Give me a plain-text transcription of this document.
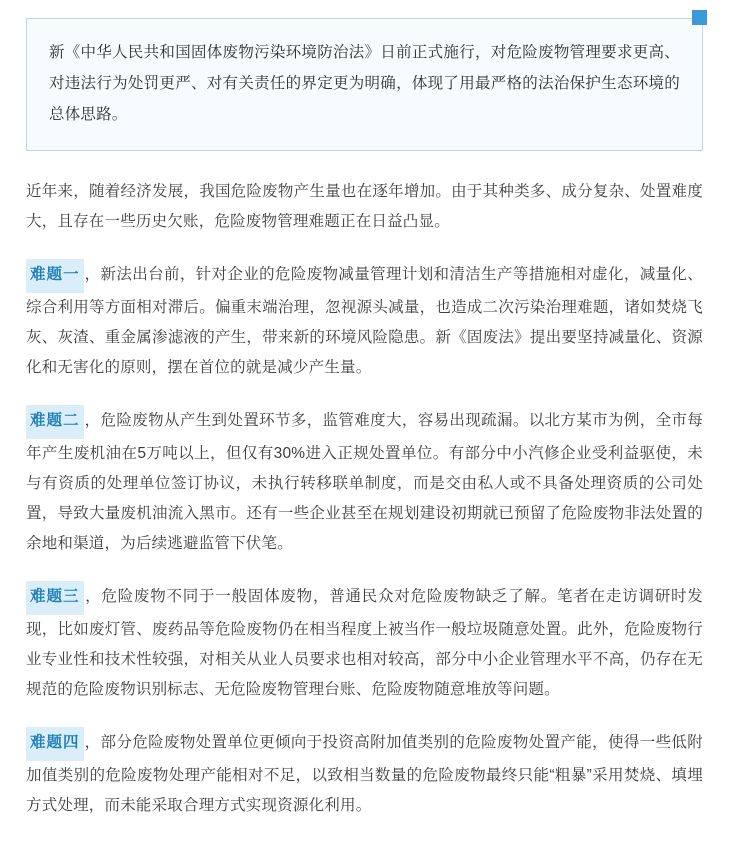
新《中华人民共和国固体废物污染环境防治法》日前正式施行，对危险废物管理要求更高、对违法行为处罚更严、对有关责任的界定更为明确，体现了用最严格的法治保护生态环境的总体思路。

近年来，随着经济发展，我国危险废物产生量也在逐年增加。由于其种类多、成分复杂、处置难度大，且存在一些历史欠账，危险废物管理难题正在日益凸显。

难题一 ，新法出台前，针对企业的危险废物减量管理计划和清洁生产等措施相对虚化，减量化、综合利用等方面相对滞后。偏重末端治理，忽视源头减量，也造成二次污染治理难题，诸如焚烧飞灰、灰渣、重金属渗滤液的产生，带来新的环境风险隐患。新《固废法》提出要坚持减量化、资源化和无害化的原则，摆在首位的就是减少产生量。

难题二 ，危险废物从产生到处置环节多，监管难度大，容易出现疏漏。以北方某市为例，全市每年产生废机油在5万吨以上，但仅有30%进入正规处置单位。有部分中小汽修企业受利益驱使，未与有资质的处理单位签订协议，未执行转移联单制度，而是交由私人或不具备处理资质的公司处置，导致大量废机油流入黑市。还有一些企业甚至在规划建设初期就已预留了危险废物非法处置的余地和渠道，为后续逃避监管下伏笔。

难题三 ，危险废物不同于一般固体废物，普通民众对危险废物缺乏了解。笔者在走访调研时发现，比如废灯管、废药品等危险废物仍在相当程度上被当作一般垃圾随意处置。此外，危险废物行业专业性和技术性较强，对相关从业人员要求也相对较高，部分中小企业管理水平不高，仍存在无规范的危险废物识别标志、无危险废物管理台账、危险废物随意堆放等问题。

难题四 ，部分危险废物处置单位更倾向于投资高附加值类别的危险废物处置产能，使得一些低附加值类别的危险废物处理产能相对不足，以致相当数量的危险废物最终只能“粗暴”采用焚烧、填埋方式处理，而未能采取合理方式实现资源化利用。
